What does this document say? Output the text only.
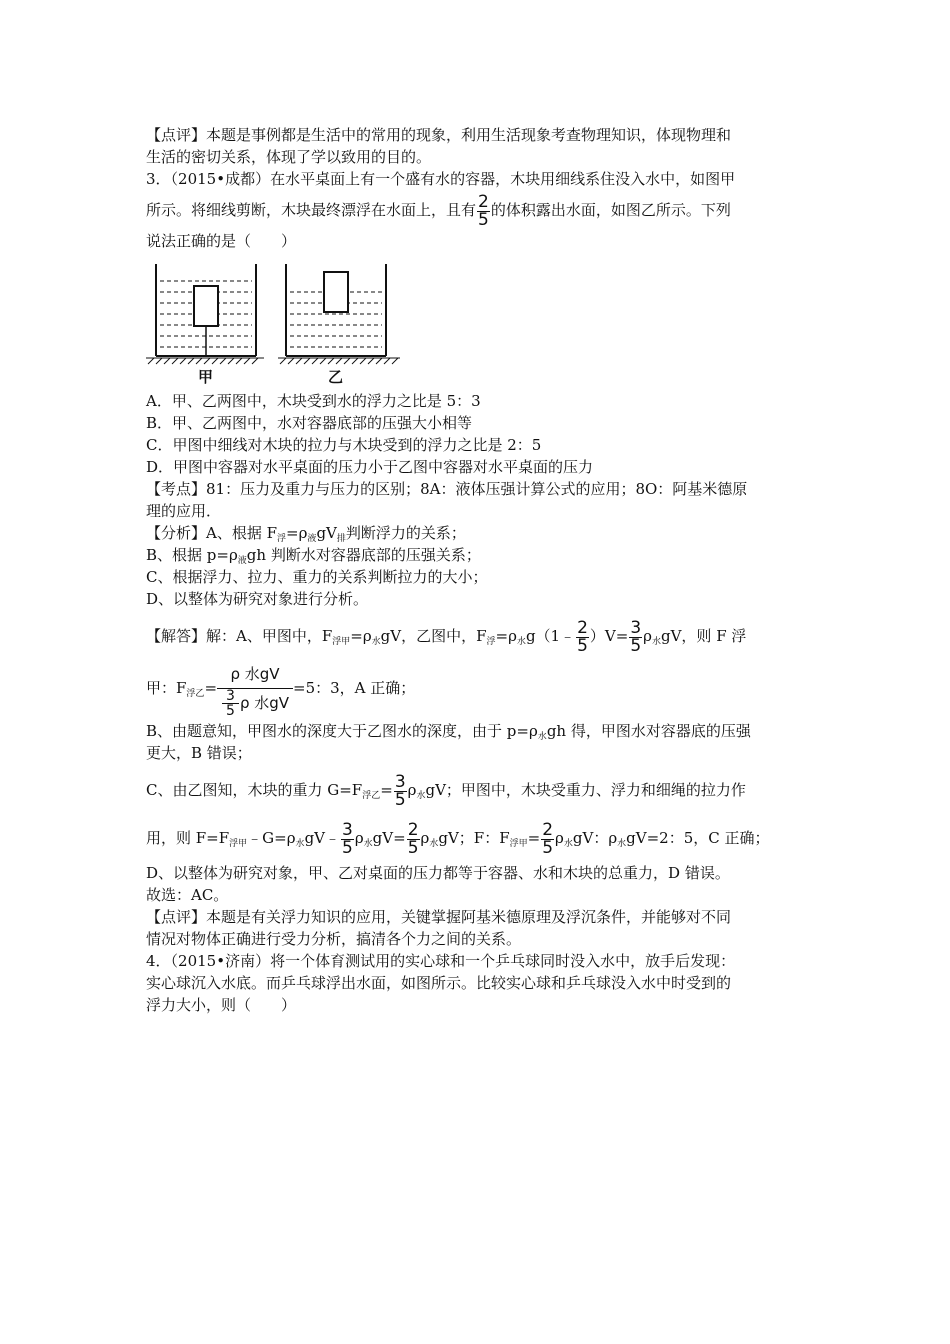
【点评】本题是事例都是生活中的常用的现象，利用生活现象考查物理知识，体现物理和
生活的密切关系，体现了学以致用的目的。
3．（2015•成都）在水平桌面上有一个盛有水的容器，木块用细线系住没入水中，如图甲
所示。将细线剪断，木块最终漂浮在水面上，且有 $\frac{2}{5}$ 的体积露出水面，如图乙所示。下列
说法正确的是（　　）
甲	乙
A．甲、乙两图中，木块受到水的浮力之比是 5：3
B．甲、乙两图中，水对容器底部的压强大小相等
C．甲图中细线对木块的拉力与木块受到的浮力之比是 2：5
D．甲图中容器对水平桌面的压力小于乙图中容器对水平桌面的压力
【考点】81：压力及重力与压力的区别；8A：液体压强计算公式的应用；8O：阿基米德原
理的应用．
【分析】A、根据 $F_浮=\rho_液gV_排$判断浮力的关系；
B、根据 $p=\rho_液gh$ 判断水对容器底部的压强关系；
C、根据浮力、拉力、重力的关系判断拉力的大小；
D、以整体为研究对象进行分析。
【解答】解：A、甲图中，$F_{浮甲}=\rho_水gV$，乙图中，$F_浮=\rho_水g(1﹣ \frac{2}{5} )V= \frac{3}{5} \rho_水gV$，则 F 浮
甲：$F_{浮乙}= \frac{\text{ρ 水gV}}{\frac{3}{5} \rho 水gV} =5$：3，A 正确；
B、由题意知，甲图水的深度大于乙图水的深度，由于 $p=\rho_水gh$ 得，甲图水对容器底的压强
更大，B 错误；
C、由乙图知，木块的重力 $G=F_{浮乙}= \frac{3}{5} \rho_水gV$；甲图中，木块受重力、浮力和细绳的拉力作
用，则 $F=F_{浮甲}﹣G=\rho_水gV﹣ \frac{3}{5} \rho_水gV= \frac{2}{5} \rho_水gV$；F：$F_{浮甲}= \frac{2}{5} \rho_水gV$：$\rho_水gV=2$：5，C 正确；
D、以整体为研究对象，甲、乙对桌面的压力都等于容器、水和木块的总重力，D 错误。
故选：AC。
【点评】本题是有关浮力知识的应用，关键掌握阿基米德原理及浮沉条件，并能够对不同
情况对物体正确进行受力分析，搞清各个力之间的关系。
4．（2015•济南）将一个体育测试用的实心球和一个乒乓球同时没入水中，放手后发现：
实心球沉入水底。而乒乓球浮出水面，如图所示。比较实心球和乒乓球没入水中时受到的
浮力大小，则（　　）
